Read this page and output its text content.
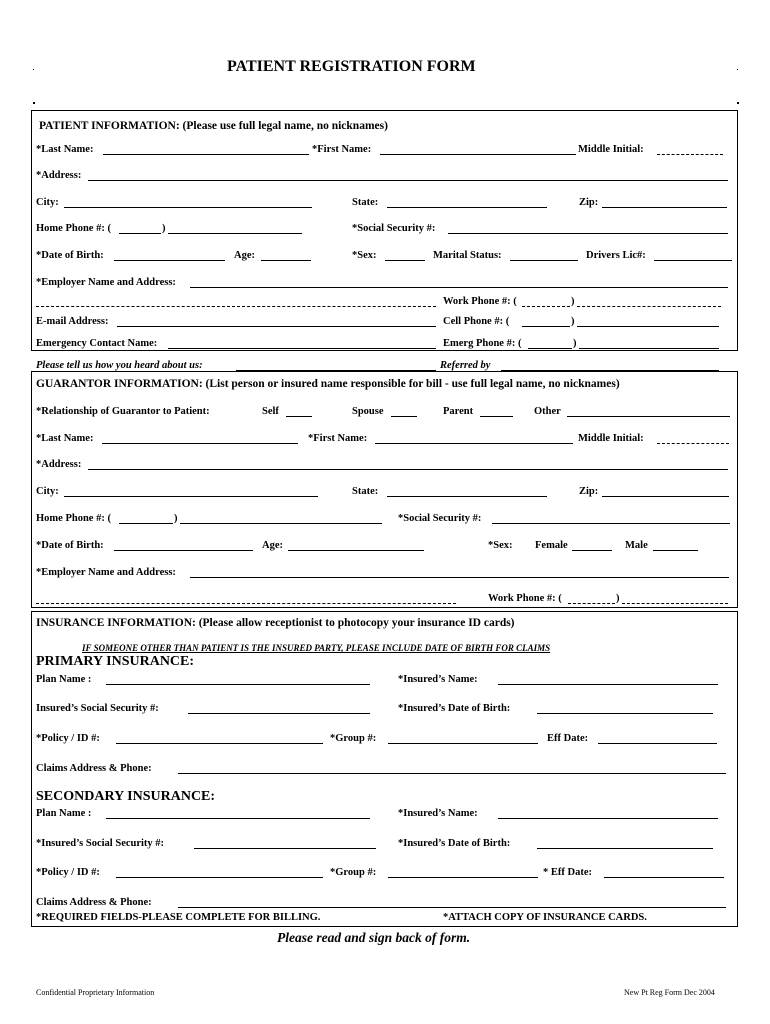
PATIENT REGISTRATION FORM
PATIENT INFORMATION: (Please use full legal name, no nicknames)
*Last Name:	*First Name:	Middle Initial:
*Address:
City:	State:	Zip:
Home Phone #: (	)	*Social Security #:
*Date of Birth:	Age:	*Sex:	Marital Status:	Drivers Lic#:
*Employer Name and Address:
Work Phone #: (	)
E-mail Address:	Cell Phone #: (	)
Emergency Contact Name:	Emerg Phone #: (	)
Please tell us how you heard about us:	Referred by
GUARANTOR INFORMATION: (List person or insured name responsible for bill - use full legal name, no nicknames)
*Relationship of Guarantor to Patient:	Self	Spouse	Parent	Other
*Last Name:	*First Name:	Middle Initial:
*Address:
City:	State:	Zip:
Home Phone #: (	)	*Social Security #:
*Date of Birth:	Age:	*Sex: Female	Male
*Employer Name and Address:
Work Phone #: (	)
INSURANCE INFORMATION: (Please allow receptionist to photocopy your insurance ID cards)
IF SOMEONE OTHER THAN PATIENT IS THE INSURED PARTY, PLEASE INCLUDE DATE OF BIRTH FOR CLAIMS
PRIMARY INSURANCE:
Plan Name :	*Insured’s Name:
Insured’s Social Security #:	*Insured’s Date of Birth:
*Policy / ID #:	*Group #:	Eff Date:
Claims Address & Phone:
SECONDARY INSURANCE:
Plan Name :	*Insured’s Name:
*Insured’s Social Security #:	*Insured’s Date of Birth:
*Policy / ID #:	*Group #:	* Eff Date:
Claims Address & Phone:
*REQUIRED FIELDS-PLEASE COMPLETE FOR BILLING.	*ATTACH COPY OF INSURANCE CARDS.
Please read and sign back of form.
Confidential Proprietary Information	New Pt Reg Form Dec 2004
